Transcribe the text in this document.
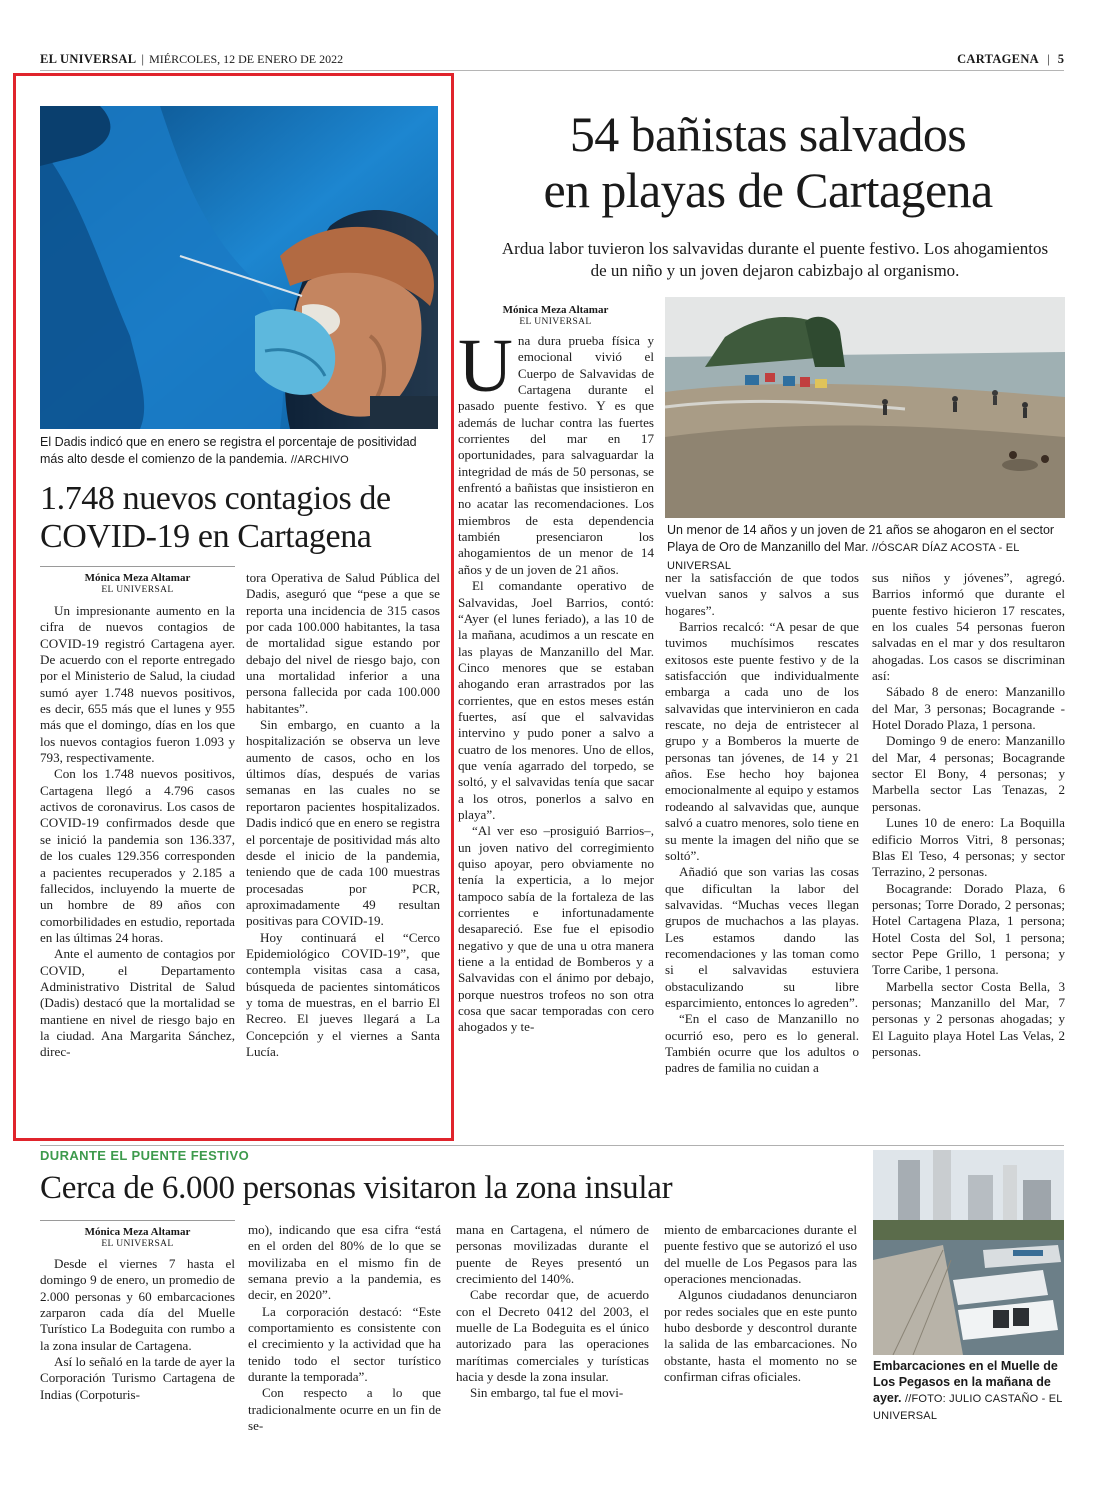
EL UNIVERSAL | MIÉRCOLES, 12 DE ENERO DE 2022	CARTAGENA | 5
El Dadis indicó que en enero se registra el porcentaje de positividad más alto desde el comienzo de la pandemia. //ARCHIVO
1.748 nuevos contagios de COVID-19 en Cartagena
Mónica Meza Altamar
EL UNIVERSAL

Un impresionante aumento en la cifra de nuevos contagios de COVID-19 registró Cartagena ayer. De acuerdo con el reporte entregado por el Ministerio de Salud, la ciudad sumó ayer 1.748 nuevos positivos, es decir, 655 más que el lunes y 955 más que el domingo, días en los que los nuevos contagios fueron 1.093 y 793, respectivamente.

Con los 1.748 nuevos positivos, Cartagena llegó a 4.796 casos activos de coronavirus. Los casos de COVID-19 confirmados desde que se inició la pandemia son 136.337, de los cuales 129.356 corresponden a pacientes recuperados y 2.185 a fallecidos, incluyendo la muerte de un hombre de 89 años con comorbilidades en estudio, reportada en las últimas 24 horas.

Ante el aumento de contagios por COVID, el Departamento Administrativo Distrital de Salud (Dadis) destacó que la mortalidad se mantiene en nivel de riesgo bajo en la ciudad. Ana Margarita Sánchez, direc-

tora Operativa de Salud Pública del Dadis, aseguró que “pese a que se reporta una incidencia de 315 casos por cada 100.000 habitantes, la tasa de mortalidad sigue estando por debajo del nivel de riesgo bajo, con una mortalidad inferior a una persona fallecida por cada 100.000 habitantes”.

Sin embargo, en cuanto a la hospitalización se observa un leve aumento de casos, ocho en los últimos días, después de varias semanas en las cuales no se reportaron pacientes hospitalizados. Dadis indicó que en enero se registra el porcentaje de positividad más alto desde el inicio de la pandemia, teniendo que de cada 100 muestras procesadas por PCR, aproximadamente 49 resultan positivas para COVID-19.

Hoy continuará el “Cerco Epidemiológico COVID-19”, que contempla visitas casa a casa, búsqueda de pacientes sintomáticos y toma de muestras, en el barrio El Recreo. El jueves llegará a La Concepción y el viernes a Santa Lucía.

54 bañistas salvados
en playas de Cartagena
Ardua labor tuvieron los salvavidas durante el puente festivo. Los ahogamientos de un niño y un joven dejaron cabizbajo al organismo.
Mónica Meza Altamar
EL UNIVERSAL
Un menor de 14 años y un joven de 21 años se ahogaron en el sector Playa de Oro de Manzanillo del Mar. //ÓSCAR DÍAZ ACOSTA - EL UNIVERSAL
U na dura prueba física y emocional vivió el Cuerpo de Salvavidas de Cartagena durante el pasado puente festivo. Y es que además de luchar contra las fuertes corrientes del mar en 17 oportunidades, para salvaguardar la integridad de más de 50 personas, se enfrentó a bañistas que insistieron en no acatar las recomendaciones. Los miembros de esta dependencia también presenciaron los ahogamientos de un menor de 14 años y de un joven de 21 años.

El comandante operativo de Salvavidas, Joel Barrios, contó: “Ayer (el lunes feriado), a las 10 de la mañana, acudimos a un rescate en las playas de Manzanillo del Mar. Cinco menores que se estaban ahogando eran arrastrados por las corrientes, que en estos meses están fuertes, así que el salvavidas intervino y pudo poner a salvo a cuatro de los menores. Uno de ellos, que venía agarrado del torpedo, se soltó, y el salvavidas tenía que sacar a los otros, ponerlos a salvo en playa”.

“Al ver eso –prosiguió Barrios–, un joven nativo del corregimiento quiso apoyar, pero obviamente no tenía la experticia, a lo mejor tampoco sabía de la fortaleza de las corrientes e infortunadamente desapareció. Ese fue el episodio negativo y que de una u otra manera tiene a la entidad de Bomberos y a Salvavidas con el ánimo por debajo, porque nuestros trofeos no son otra cosa que sacar temporadas con cero ahogados y te-

ner la satisfacción de que todos vuelvan sanos y salvos a sus hogares”.

Barrios recalcó: “A pesar de que tuvimos muchísimos rescates exitosos este puente festivo y de la satisfacción que individualmente embarga a cada uno de los salvavidas que intervinieron en cada rescate, no deja de entristecer al grupo y a Bomberos la muerte de personas tan jóvenes, de 14 y 21 años. Ese hecho hoy bajonea emocionalmente al equipo y estamos rodeando al salvavidas que, aunque salvó a cuatro menores, solo tiene en su mente la imagen del niño que se soltó”.

Añadió que son varias las cosas que dificultan la labor del salvavidas. “Muchas veces llegan grupos de muchachos a las playas. Les estamos dando las recomendaciones y las toman como si el salvavidas estuviera obstaculizando su libre esparcimiento, entonces lo agreden”.

“En el caso de Manzanillo no ocurrió eso, pero es lo general. También ocurre que los adultos o padres de familia no cuidan a

sus niños y jóvenes”, agregó. Barrios informó que durante el puente festivo hicieron 17 rescates, en los cuales 54 personas fueron salvadas en el mar y dos resultaron ahogadas. Los casos se discriminan así:

Sábado 8 de enero: Manzanillo del Mar, 3 personas; Bocagrande - Hotel Dorado Plaza, 1 persona.

Domingo 9 de enero: Manzanillo del Mar, 4 personas; Bocagrande sector El Bony, 4 personas; y Marbella sector Las Tenazas, 2 personas.

Lunes 10 de enero: La Boquilla edificio Morros Vitri, 8 personas; Blas El Teso, 4 personas; y sector Terrazino, 2 personas.

Bocagrande: Dorado Plaza, 6 personas; Torre Dorado, 2 personas; Hotel Cartagena Plaza, 1 persona; Hotel Costa del Sol, 1 persona; sector Pepe Grillo, 1 persona; y Torre Caribe, 1 persona.

Marbella sector Costa Bella, 3 personas; Manzanillo del Mar, 7 personas y 2 personas ahogadas; y El Laguito playa Hotel Las Velas, 2 personas.

DURANTE EL PUENTE FESTIVO
Cerca de 6.000 personas visitaron la zona insular
Mónica Meza Altamar
EL UNIVERSAL

Desde el viernes 7 hasta el domingo 9 de enero, un promedio de 2.000 personas y 60 embarcaciones zarparon cada día del Muelle Turístico La Bodeguita con rumbo a la zona insular de Cartagena.

Así lo señaló en la tarde de ayer la Corporación Turismo Cartagena de Indias (Corpoturis-

mo), indicando que esa cifra “está en el orden del 80% de lo que se movilizaba en el mismo fin de semana previo a la pandemia, es decir, en 2020”.

La corporación destacó: “Este comportamiento es consistente con el crecimiento y la actividad que ha tenido todo el sector turístico durante la temporada”.

Con respecto a lo que tradicionalmente ocurre en un fin de se-

mana en Cartagena, el número de personas movilizadas durante el puente de Reyes presentó un crecimiento del 140%.

Cabe recordar que, de acuerdo con el Decreto 0412 del 2003, el muelle de La Bodeguita es el único autorizado para las operaciones marítimas comerciales y turísticas hacia y desde la zona insular.

Sin embargo, tal fue el movi-

miento de embarcaciones durante el puente festivo que se autorizó el uso del muelle de Los Pegasos para las operaciones mencionadas.

Algunos ciudadanos denunciaron por redes sociales que en este punto hubo desborde y descontrol durante la salida de las embarcaciones. No obstante, hasta el momento no se confirman cifras oficiales.

Embarcaciones en el Muelle de Los Pegasos en la mañana de ayer. //FOTO: JULIO CASTAÑO - EL UNIVERSAL
